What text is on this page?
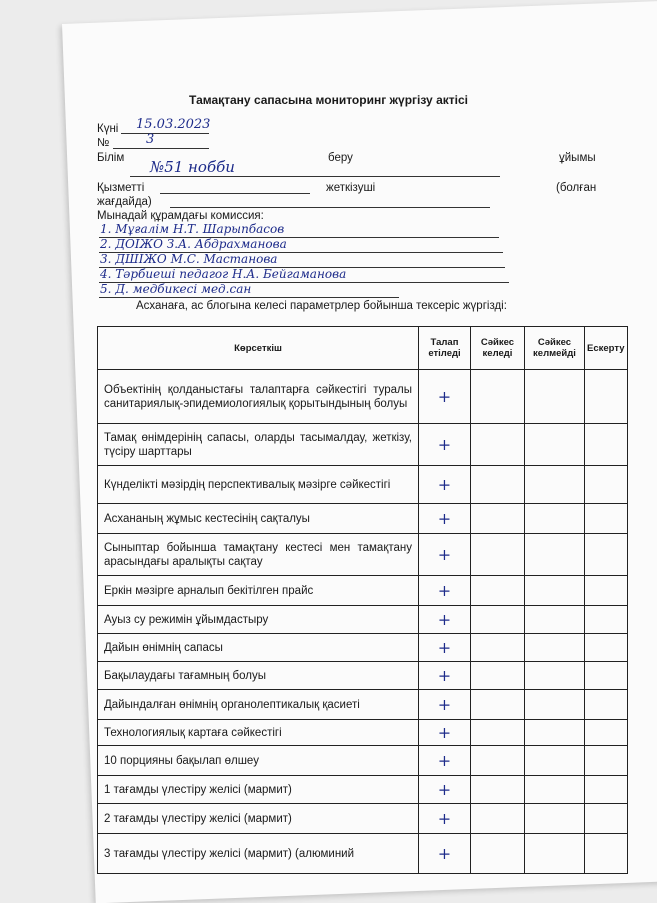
Тамақтану сапасына мониторинг жүргізу актісі
Күні 15.03.2023
№	3
Білім №51 нобби	беру	ұйымы
Қызметті	жеткізуші	(болған
жағдайда)
Мынадай құрамдағы комиссия:
1. Мұғалім Н.Т. Шарыпбасов
2. ДОІЖО З.А. Абдрахманова
3. ДШІЖО М.С. Мастанова
4. Тәрбиеші педагог Н.А. Бейгаманова
5. Д. медбикесі мед.сан
Асханаға, ас блогына келесі параметрлер бойынша тексеріс жүргізді:
Көрсеткіш	Талап етіледі	Сәйкес келеді	Сәйкес келмейді	Ескерту
Объектінің қолданыстағы талаптарға сәйкестігі туралы санитариялық-эпидемиологиялық қорытындының болуы	+			
Тамақ өнімдерінің сапасы, оларды тасымалдау, жеткізу, түсіру шарттары	+			
Күнделікті мәзірдің перспективалық мәзірге сәйкестігі	+			
Асхананың жұмыс кестесінің сақталуы	+			
Сыныптар бойынша тамақтану кестесі мен тамақтану арасындағы аралықты сақтау	+			
Еркін мәзірге арналып бекітілген прайс	+			
Ауыз су режимін ұйымдастыру	+			
Дайын өнімнің сапасы	+			
Бақылаудағы тағамның болуы	+			
Дайындалған өнімнің органолептикалық қасиеті	+			
Технологиялық картаға сәйкестігі	+			
10 порцияны бақылап өлшеу	+			
1 тағамды үлестіру желісі (мармит)	+			
2 тағамды үлестіру желісі (мармит)	+			
3 тағамды үлестіру желісі (мармит) (алюминий	+			
